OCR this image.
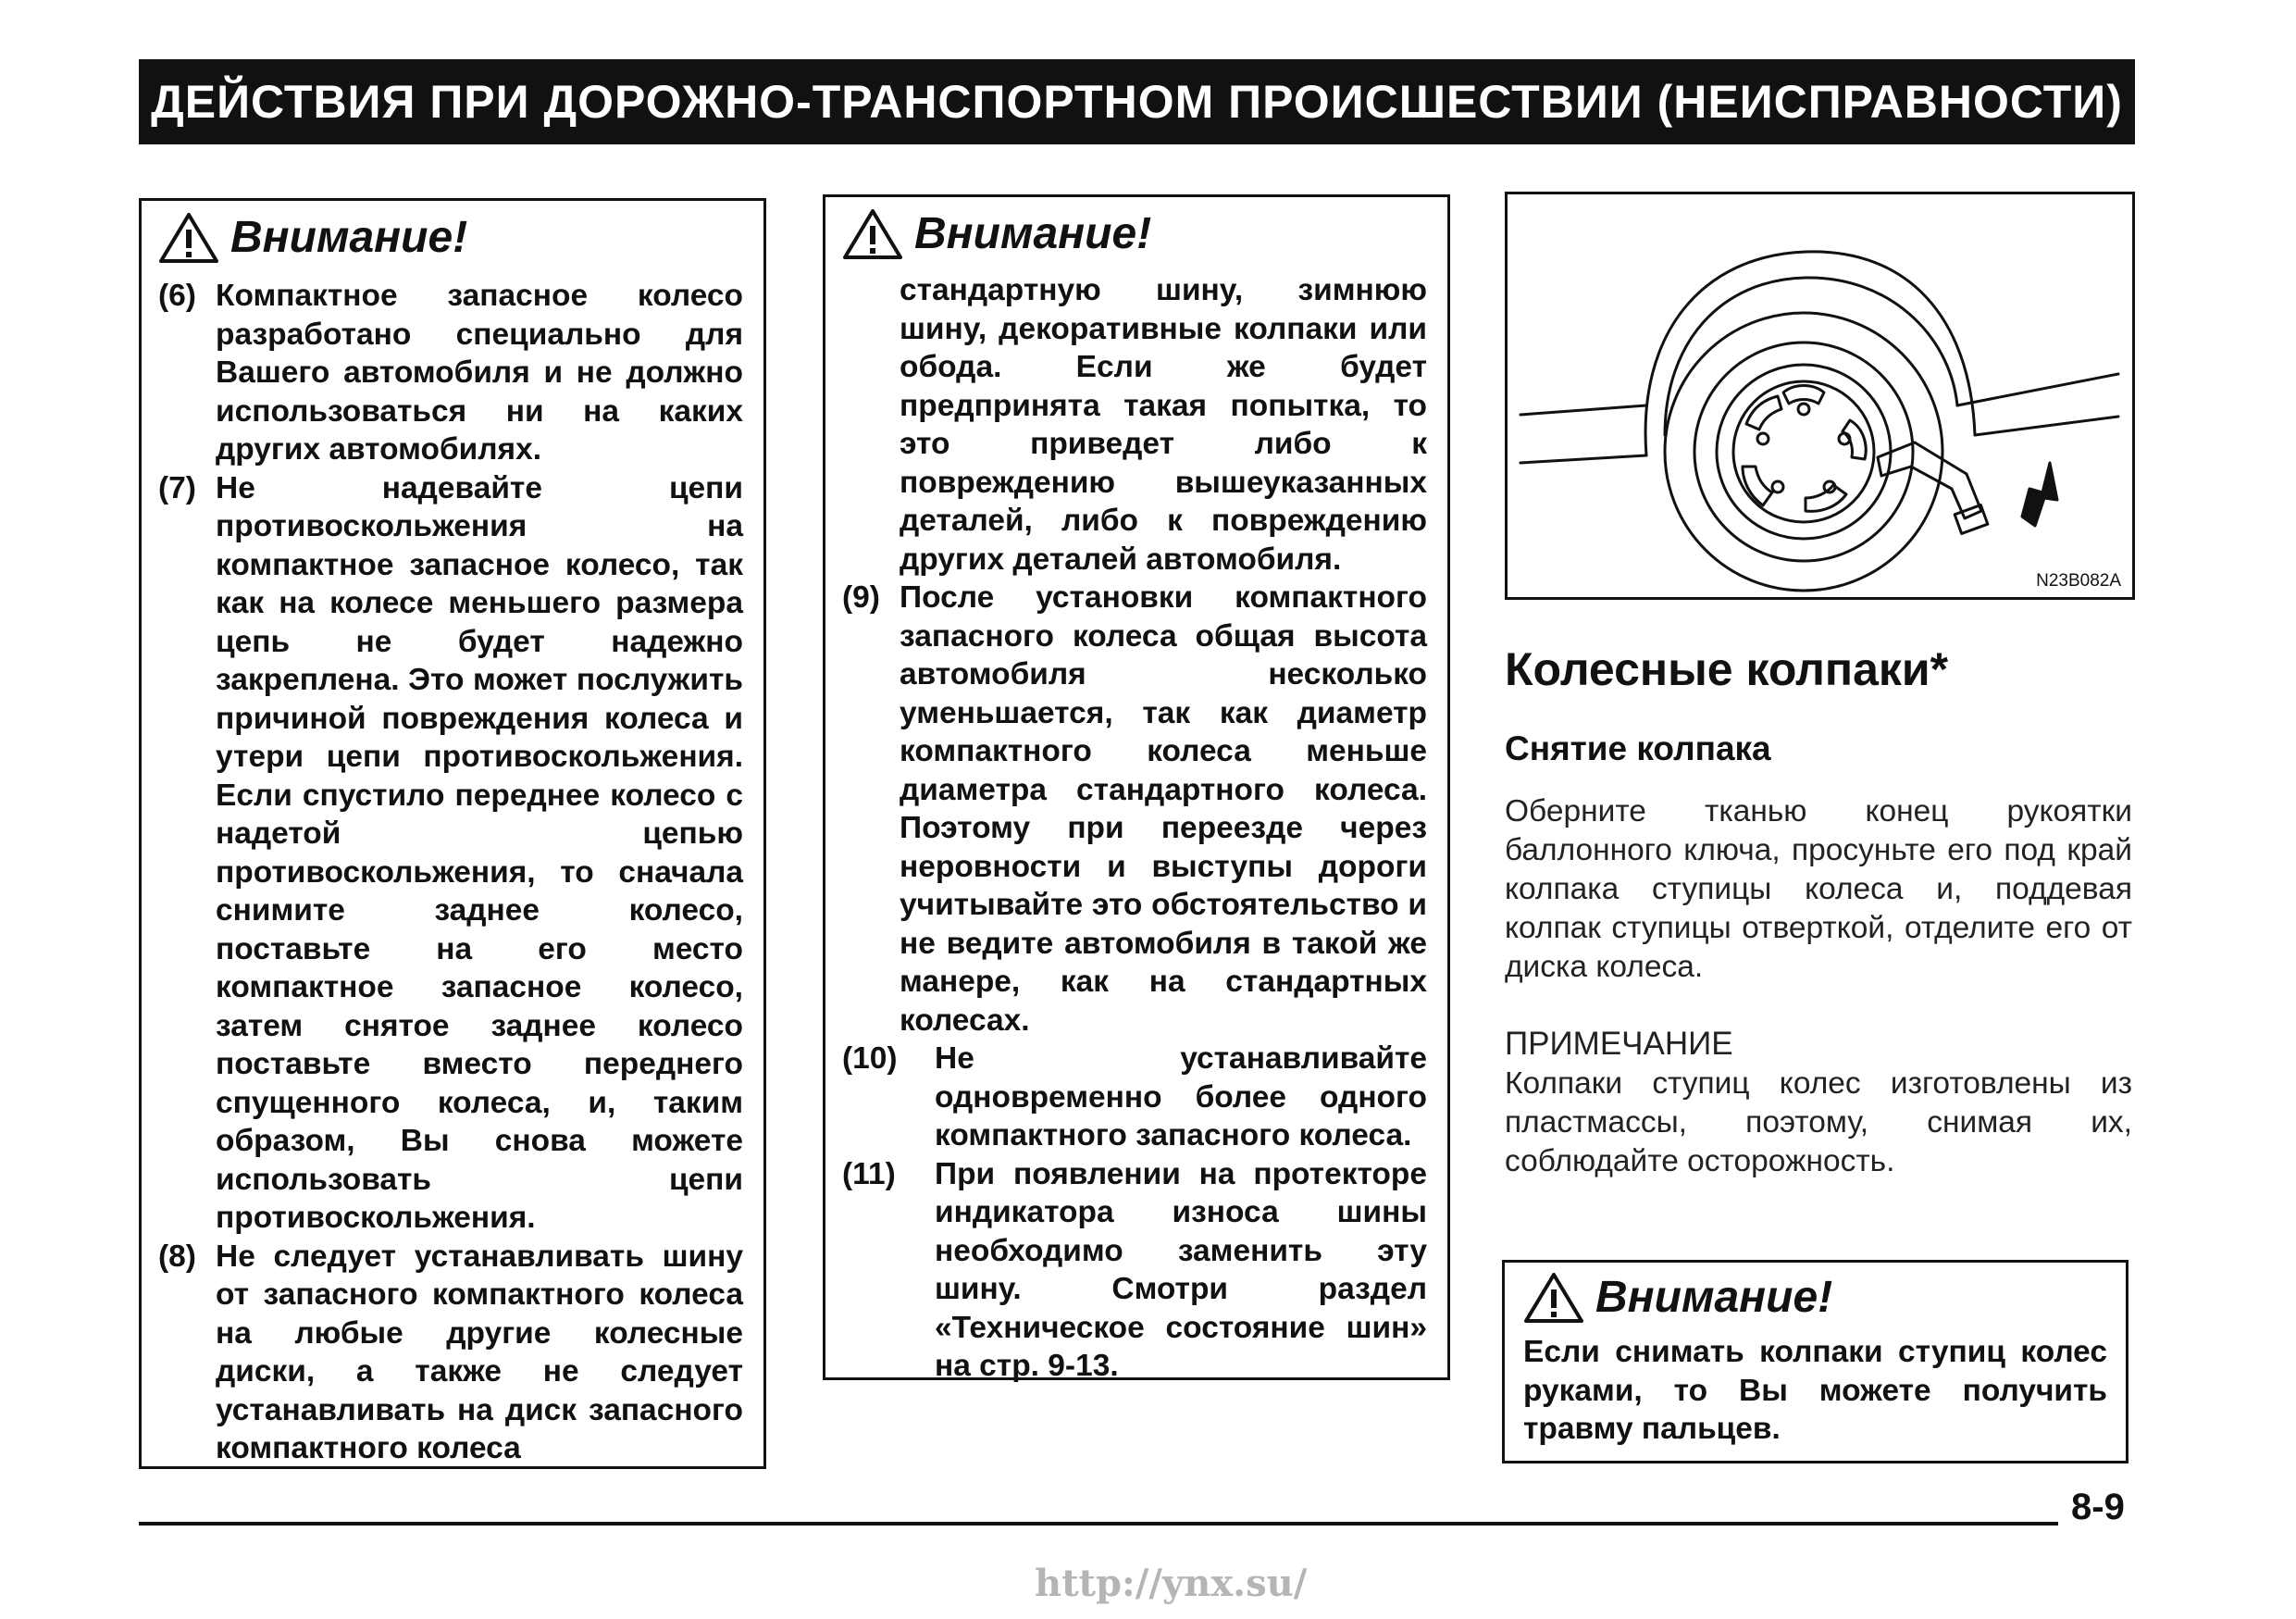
ДЕЙСТВИЯ ПРИ ДОРОЖНО-ТРАНСПОРТНОМ ПРОИСШЕСТВИИ (НЕИСПРАВНОСТИ)
Внимание!
(6) Компактное запасное колесо разработано специально для Вашего автомобиля и не должно использоваться ни на каких других автомобилях.
(7) Не надевайте цепи противоскольжения на компактное запасное колесо, так как на колесе меньшего размера цепь не будет надежно закреплена. Это может послужить причиной повреждения колеса и утери цепи противоскольжения. Если спустило переднее колесо с надетой цепью противоскольжения, то сначала снимите заднее колесо, поставьте на его место компактное запасное колесо, затем снятое заднее колесо поставьте вместо переднего спущенного колеса, и, таким образом, Вы снова можете использовать цепи противоскольжения.
(8) Не следует устанавливать шину от запасного компактного колеса на любые другие колесные диски, а также не следует устанавливать на диск запасного компактного колеса
Внимание!
стандартную шину, зимнюю шину, декоративные колпаки или обода. Если же будет предпринята такая попытка, то это приведет либо к повреждению вышеуказанных деталей, либо к повреждению других деталей автомобиля.
(9) После установки компактного запасного колеса общая высота автомобиля несколько уменьшается, так как диаметр компактного колеса меньше диаметра стандартного колеса. Поэтому при переезде через неровности и выступы дороги учитывайте это обстоятельство и не ведите автомобиля в такой же манере, как на стандартных колесах.
(10)	Не устанавливайте одновременно более одного компактного запасного колеса.
(11)	При появлении на протекторе индикатора износа шины необходимо заменить эту шину. Смотри раздел «Техническое состояние шин» на стр. 9-13.
N23B082A
Колесные колпаки*
Снятие колпака
Оберните тканью конец рукоятки баллонного ключа, просуньте его под край колпака ступицы колеса и, поддевая колпак ступицы отверткой, отделите его от диска колеса.
ПРИМЕЧАНИЕ
Колпаки ступиц колес изготовлены из пластмассы, поэтому, снимая их, соблюдайте осторожность.
Внимание!
Если снимать колпаки ступиц колес руками, то Вы можете получить травму пальцев.
8-9
http://ynx.su/
